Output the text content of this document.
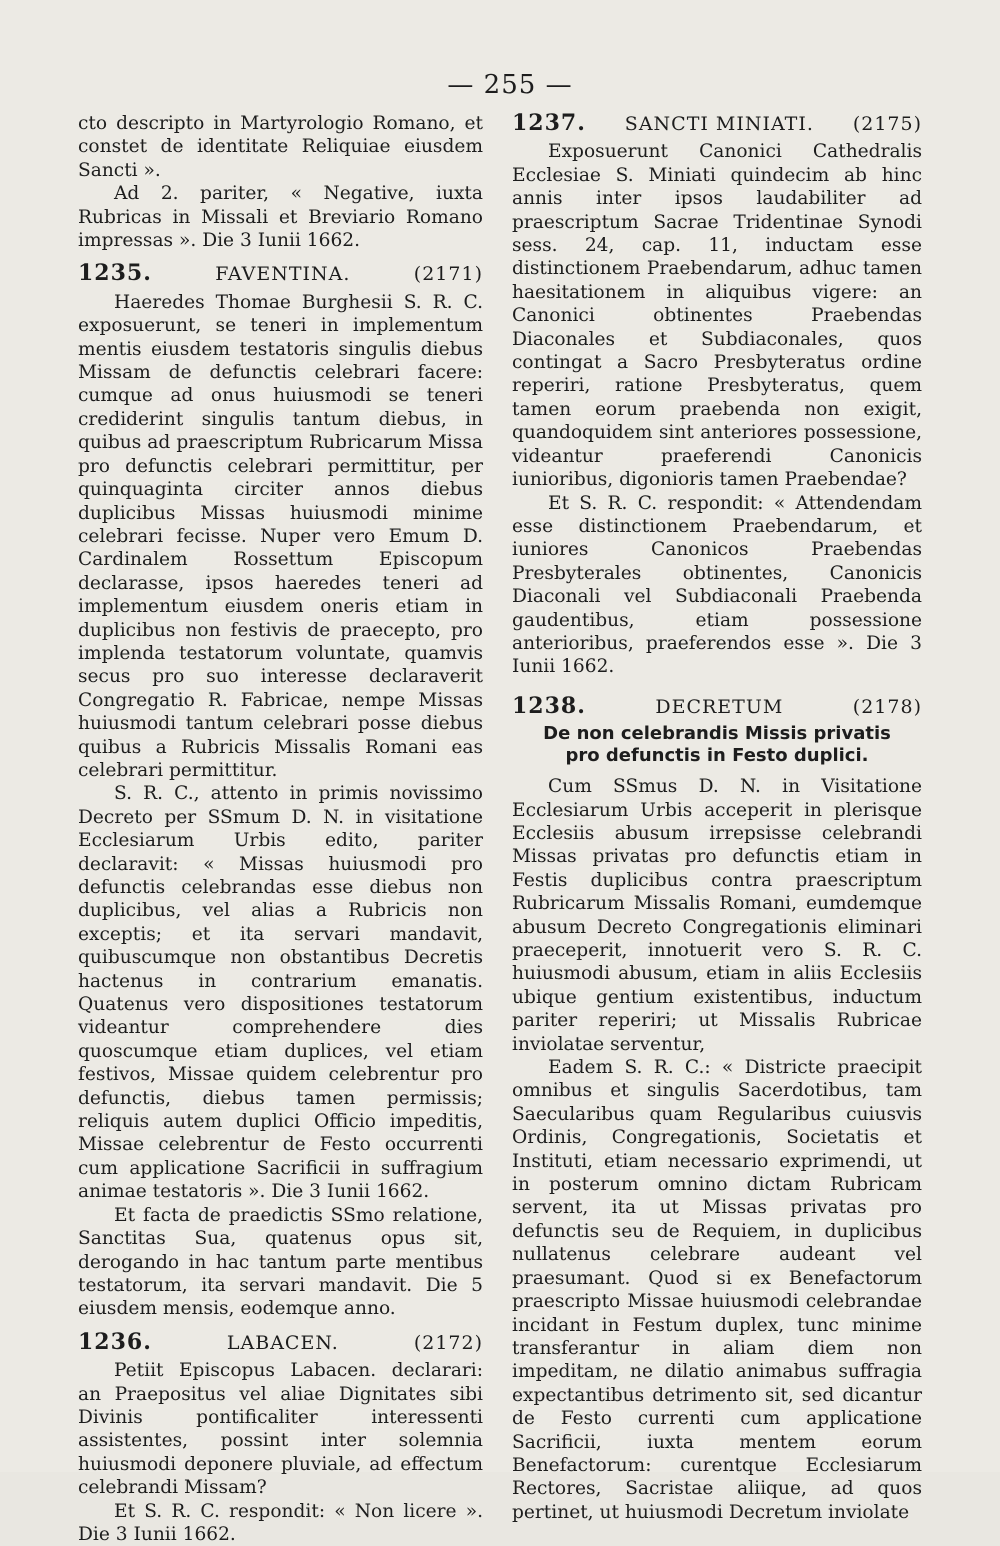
— 255 —

cto descripto in Martyrologio Romano, et constet de identitate Reliquiae eiusdem Sancti ».

Ad 2. pariter, « Negative, iuxta Rubricas in Missali et Breviario Romano impressas ». Die 3 Iunii 1662.

1235.	FAVENTINA.	(2171)

Haeredes Thomae Burghesii S. R. C. exposuerunt, se teneri in implementum mentis eiusdem testatoris singulis diebus Missam de defunctis celebrari facere: cumque ad onus huiusmodi se teneri crediderint singulis tantum diebus, in quibus ad praescriptum Rubricarum Missa pro defunctis celebrari permittitur, per quinquaginta circiter annos diebus duplicibus Missas huiusmodi minime celebrari fecisse. Nuper vero Emum D. Cardinalem Rossettum Episcopum declarasse, ipsos haeredes teneri ad implementum eiusdem oneris etiam in duplicibus non festivis de praecepto, pro implenda testatorum voluntate, quamvis secus pro suo interesse declaraverit Congregatio R. Fabricae, nempe Missas huiusmodi tantum celebrari posse diebus quibus a Rubricis Missalis Romani eas celebrari permittitur.

S. R. C., attento in primis novissimo Decreto per SSmum D. N. in visitatione Ecclesiarum Urbis edito, pariter declaravit: « Missas huiusmodi pro defunctis celebrandas esse diebus non duplicibus, vel alias a Rubricis non exceptis; et ita servari mandavit, quibuscumque non obstantibus Decretis hactenus in contrarium emanatis. Quatenus vero dispositiones testatorum videantur comprehendere dies quoscumque etiam duplices, vel etiam festivos, Missae quidem celebrentur pro defunctis, diebus tamen permissis; reliquis autem duplici Officio impeditis, Missae celebrentur de Festo occurrenti cum applicatione Sacrificii in suffragium animae testatoris ». Die 3 Iunii 1662.

Et facta de praedictis SSmo relatione, Sanctitas Sua, quatenus opus sit, derogando in hac tantum parte mentibus testatorum, ita servari mandavit. Die 5 eiusdem mensis, eodemque anno.

1236.	LABACEN.	(2172)

Petiit Episcopus Labacen. declarari: an Praepositus vel aliae Dignitates sibi Divinis pontificaliter interessenti assistentes, possint inter solemnia huiusmodi deponere pluviale, ad effectum celebrandi Missam?

Et S. R. C. respondit: « Non licere ». Die 3 Iunii 1662.

1237. SANCTI MINIATI. (2175)

Exposuerunt Canonici Cathedralis Ecclesiae S. Miniati quindecim ab hinc annis inter ipsos laudabiliter ad praescriptum Sacrae Tridentinae Synodi sess. 24, cap. 11, inductam esse distinctionem Praebendarum, adhuc tamen haesitationem in aliquibus vigere: an Canonici obtinentes Praebendas Diaconales et Subdiaconales, quos contingat a Sacro Presbyteratus ordine reperiri, ratione Presbyteratus, quem tamen eorum praebenda non exigit, quandoquidem sint anteriores possessione, videantur praeferendi Canonicis iunioribus, digonioris tamen Praebendae?

Et S. R. C. respondit: « Attendendam esse distinctionem Praebendarum, et iuniores Canonicos Praebendas Presbyterales obtinentes, Canonicis Diaconali vel Subdiaconali Praebenda gaudentibus, etiam possessione anterioribus, praeferendos esse ». Die 3 Iunii 1662.

1238.	DECRETUM	(2178)
De non celebrandis Missis privatis
pro defunctis in Festo duplici.

Cum SSmus D. N. in Visitatione Ecclesiarum Urbis acceperit in plerisque Ecclesiis abusum irrepsisse celebrandi Missas privatas pro defunctis etiam in Festis duplicibus contra praescriptum Rubricarum Missalis Romani, eumdemque abusum Decreto Congregationis eliminari praeceperit, innotuerit vero S. R. C. huiusmodi abusum, etiam in aliis Ecclesiis ubique gentium existentibus, inductum pariter reperiri; ut Missalis Rubricae inviolatae serventur,

Eadem S. R. C.: « Districte praecipit omnibus et singulis Sacerdotibus, tam Saecularibus quam Regularibus cuiusvis Ordinis, Congregationis, Societatis et Instituti, etiam necessario exprimendi, ut in posterum omnino dictam Rubricam servent, ita ut Missas privatas pro defunctis seu de Requiem, in duplicibus nullatenus celebrare audeant vel praesumant. Quod si ex Benefactorum praescripto Missae huiusmodi celebrandae incidant in Festum duplex, tunc minime transferantur in aliam diem non impeditam, ne dilatio animabus suffragia expectantibus detrimento sit, sed dicantur de Festo currenti cum applicatione Sacrificii, iuxta mentem eorum Benefactorum: curentque Ecclesiarum Rectores, Sacristae aliique, ad quos pertinet, ut huiusmodi Decretum inviolate
